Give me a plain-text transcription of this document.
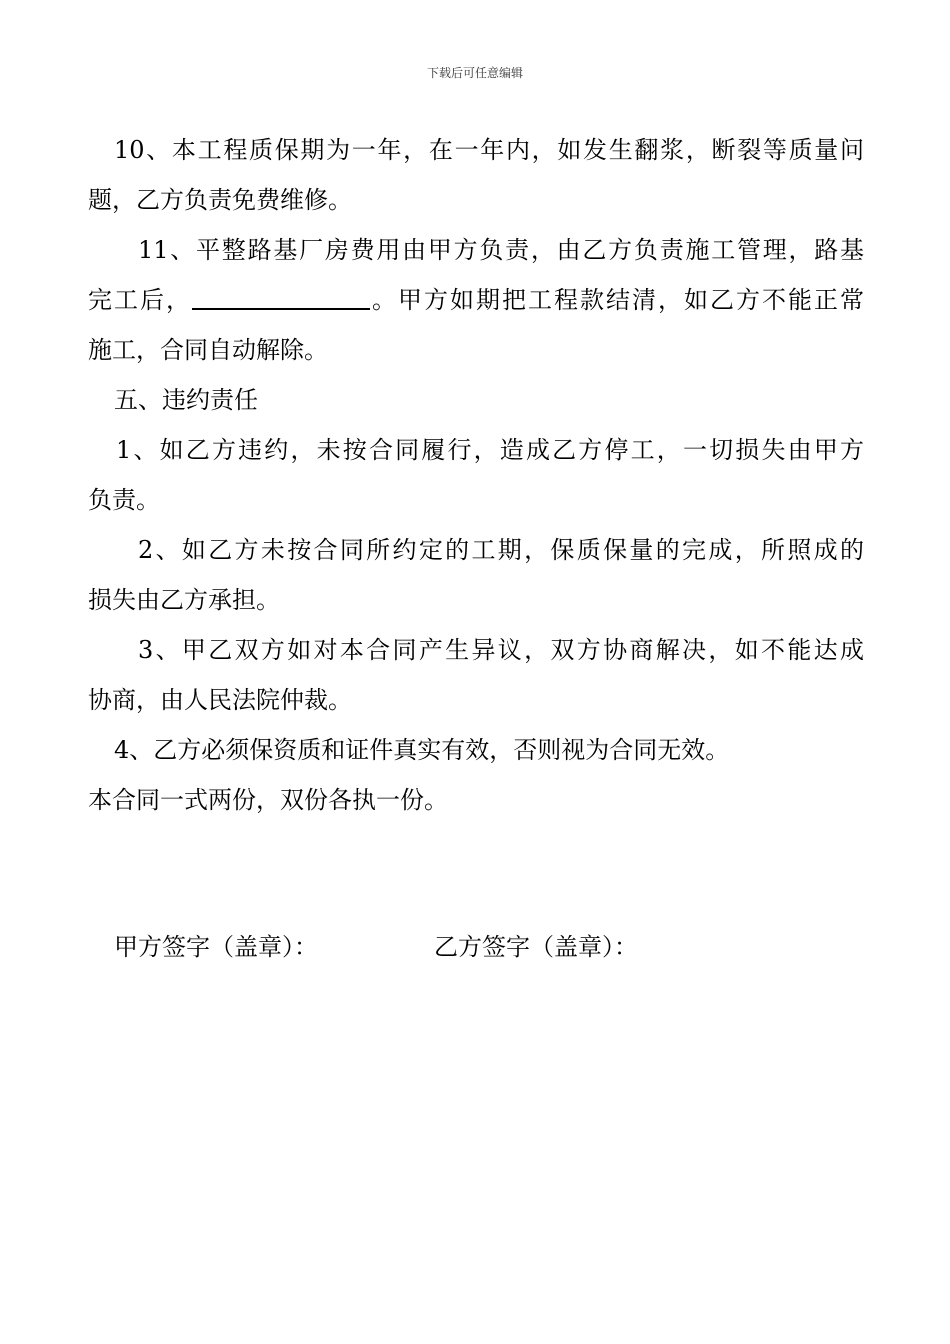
下载后可任意编辑
10、本工程质保期为一年，在一年内，如发生翻浆，断裂等质量问
题，乙方负责免费维修。
11、平整路基厂房费用由甲方负责，由乙方负责施工管理，路基
完工后，	。甲方如期把工程款结清，如乙方不能正常
施工，合同自动解除。
五、违约责任
1、如乙方违约，未按合同履行，造成乙方停工，一切损失由甲方
负责。
2、如乙方未按合同所约定的工期，保质保量的完成，所照成的
损失由乙方承担。
3、甲乙双方如对本合同产生异议，双方协商解决，如不能达成
协商，由人民法院仲裁。
4、乙方必须保资质和证件真实有效，否则视为合同无效。
本合同一式两份，双份各执一份。
甲方签字（盖章）：	乙方签字（盖章）：
